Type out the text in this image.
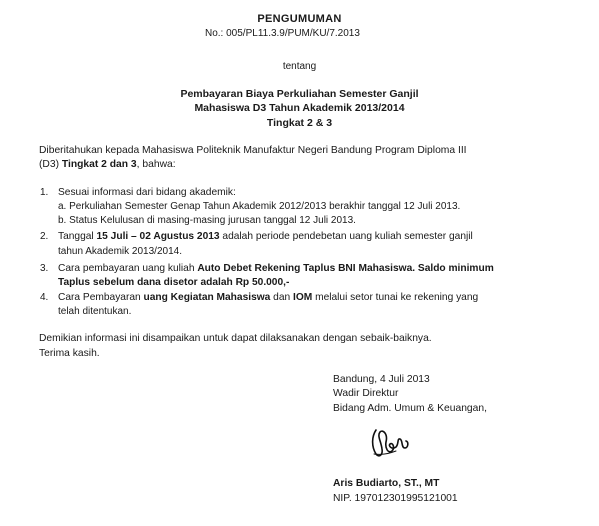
PENGUMUMAN
No.: 005/PL11.3.9/PUM/KU/7.2013
tentang
Pembayaran Biaya Perkuliahan Semester Ganjil
Mahasiswa D3 Tahun Akademik 2013/2014
Tingkat 2 & 3
Diberitahukan kepada Mahasiswa Politeknik Manufaktur Negeri Bandung Program Diploma III
(D3) Tingkat 2 dan 3, bahwa:
1. Sesuai informasi dari bidang akademik:
a. Perkuliahan Semester Genap Tahun Akademik 2012/2013 berakhir tanggal 12 Juli 2013.
b. Status Kelulusan di masing-masing jurusan tanggal 12 Juli 2013.
2. Tanggal 15 Juli – 02 Agustus 2013 adalah periode pendebetan uang kuliah semester ganjil
tahun Akademik 2013/2014.
3. Cara pembayaran uang kuliah Auto Debet Rekening Taplus BNI Mahasiswa. Saldo minimum
Taplus sebelum dana disetor adalah Rp 50.000,-
4. Cara Pembayaran uang Kegiatan Mahasiswa dan IOM melalui setor tunai ke rekening yang
telah ditentukan.
Demikian informasi ini disampaikan untuk dapat dilaksanakan dengan sebaik-baiknya.
Terima kasih.
Bandung, 4 Juli 2013
Wadir Direktur
Bidang Adm. Umum & Keuangan,
Aris Budiarto, ST., MT
NIP. 197012301995121001
